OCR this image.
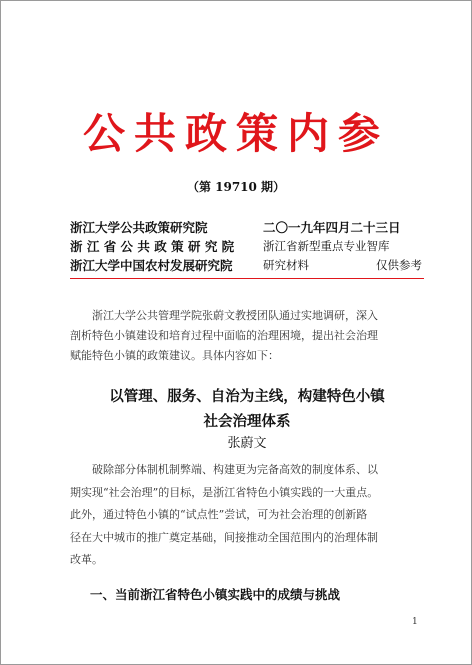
公共政策内参
（第 19710 期）
浙江大学公共政策研究院	二〇一九年四月二十三日
浙 江 省 公 共 政 策 研 究 院	浙江省新型重点专业智库
浙江大学中国农村发展研究院	研究材料	仅供参考
浙江大学公共管理学院张蔚文教授团队通过实地调研，深入
剖析特色小镇建设和培育过程中面临的治理困境，提出社会治理
赋能特色小镇的政策建议。具体内容如下：
以管理、服务、自治为主线，构建特色小镇
社会治理体系
张蔚文
破除部分体制机制弊端、构建更为完备高效的制度体系、以
期实现“社会治理”的目标，是浙江省特色小镇实践的一大重点。
此外，通过特色小镇的“试点性”尝试，可为社会治理的创新路
径在大中城市的推广奠定基础，间接推动全国范围内的治理体制
改革。
一、当前浙江省特色小镇实践中的成绩与挑战
1
